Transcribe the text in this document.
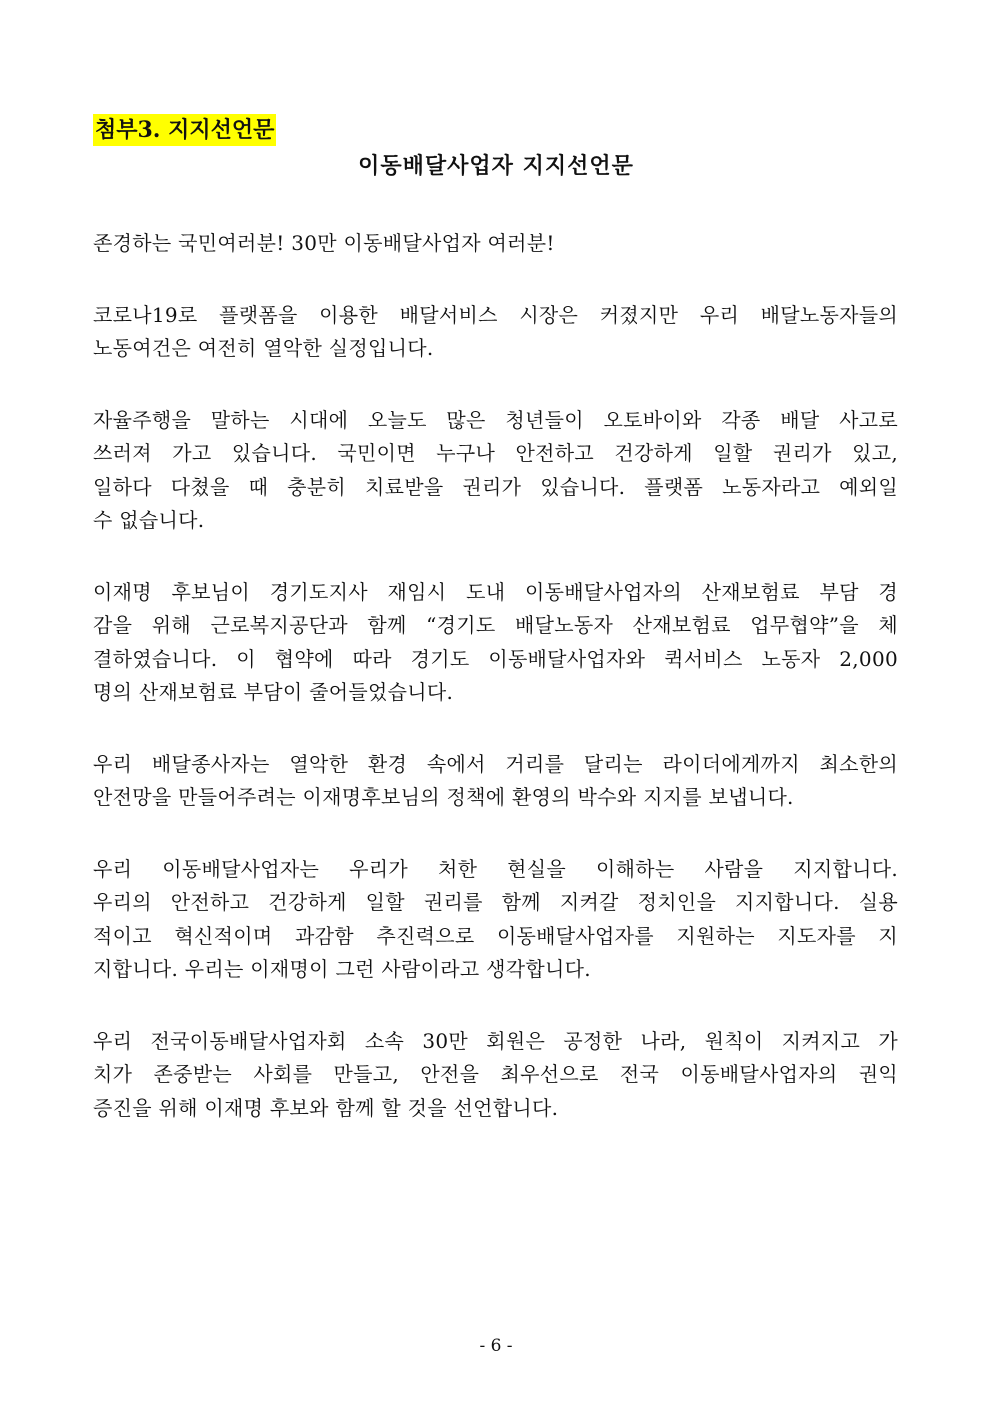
첨부3. 지지선언문
이동배달사업자 지지선언문

존경하는 국민여러분! 30만 이동배달사업자 여러분!

코로나19로 플랫폼을 이용한 배달서비스 시장은 커졌지만 우리 배달노동자들의
노동여건은 여전히 열악한 실정입니다.

자율주행을 말하는 시대에 오늘도 많은 청년들이 오토바이와 각종 배달 사고로
쓰러져 가고 있습니다. 국민이면 누구나 안전하고 건강하게 일할 권리가 있고,
일하다 다쳤을 때 충분히 치료받을 권리가 있습니다. 플랫폼 노동자라고 예외일
수 없습니다.

이재명 후보님이 경기도지사 재임시 도내 이동배달사업자의 산재보험료 부담 경
감을 위해 근로복지공단과 함께 “경기도 배달노동자 산재보험료 업무협약”을 체
결하였습니다. 이 협약에 따라 경기도 이동배달사업자와 퀵서비스 노동자 2,000
명의 산재보험료 부담이 줄어들었습니다.

우리 배달종사자는 열악한 환경 속에서 거리를 달리는 라이더에게까지 최소한의
안전망을 만들어주려는 이재명후보님의 정책에 환영의 박수와 지지를 보냅니다.

우리 이동배달사업자는 우리가 처한 현실을 이해하는 사람을 지지합니다.
우리의 안전하고 건강하게 일할 권리를 함께 지켜갈 정치인을 지지합니다. 실용
적이고 혁신적이며 과감함 추진력으로 이동배달사업자를 지원하는 지도자를 지
지합니다. 우리는 이재명이 그런 사람이라고 생각합니다.

우리 전국이동배달사업자회 소속 30만 회원은 공정한 나라, 원칙이 지켜지고 가
치가 존중받는 사회를 만들고, 안전을 최우선으로 전국 이동배달사업자의 권익
증진을 위해 이재명 후보와 함께 할 것을 선언합니다.

- 6 -
